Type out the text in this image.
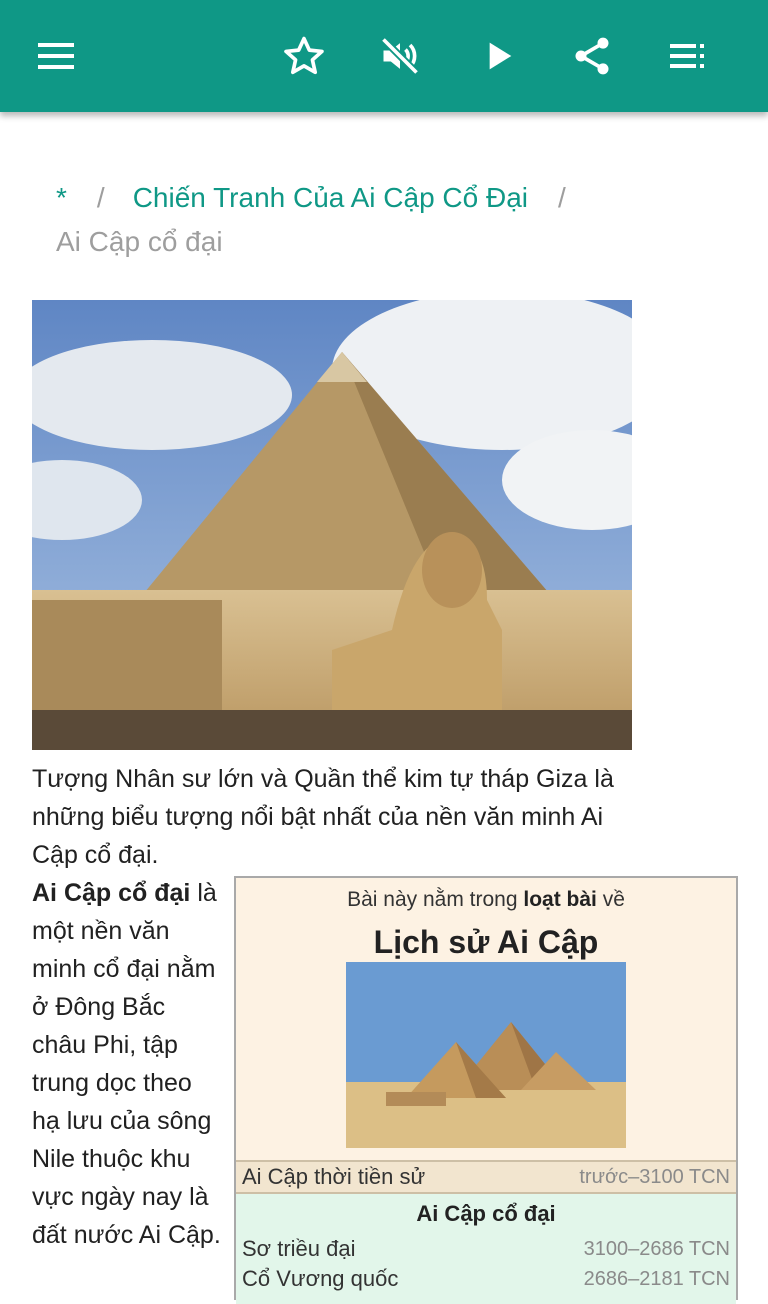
* / Chiến Tranh Của Ai Cập Cổ Đại /
Ai Cập cổ đại
Tượng Nhân sư lớn và Quần thể kim tự tháp Giza là những biểu tượng nổi bật nhất của nền văn minh Ai Cập cổ đại.
Ai Cập cổ đại là một nền văn minh cổ đại nằm ở Đông Bắc châu Phi, tập trung dọc theo hạ lưu của sông Nile thuộc khu vực ngày nay là đất nước Ai Cập.
Bài này nằm trong loạt bài về
Lịch sử Ai Cập
Ai Cập thời tiền sử	trước–3100 TCN
Ai Cập cổ đại
Sơ triều đại	3100–2686 TCN
Cổ Vương quốc	2686–2181 TCN
